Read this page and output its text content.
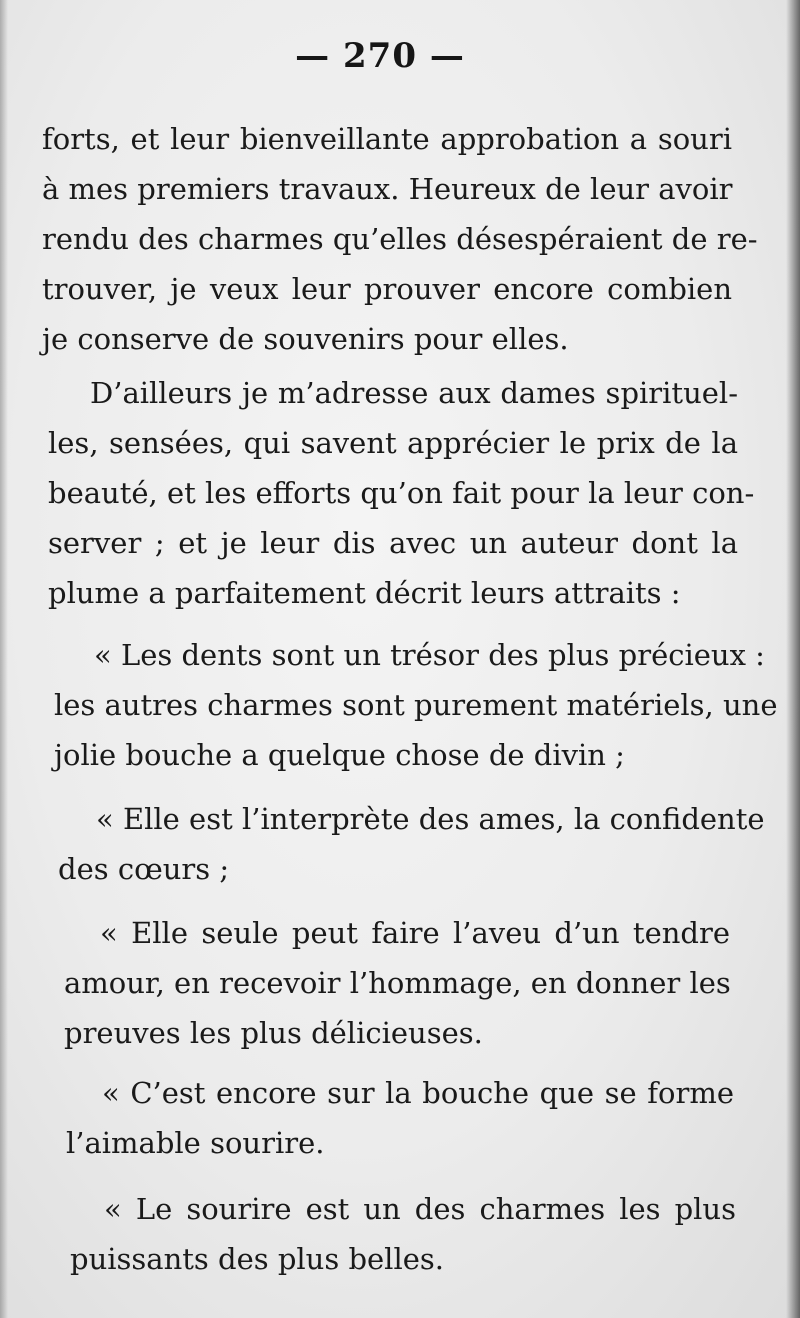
— 270 —
forts, et leur bienveillante approbation a souri
à mes premiers travaux. Heureux de leur avoir
rendu des charmes qu’elles désespéraient de re-
trouver, je veux leur prouver encore combien
je conserve de souvenirs pour elles.
D’ailleurs je m’adresse aux dames spirituel-
les, sensées, qui savent apprécier le prix de la
beauté, et les efforts qu’on fait pour la leur con-
server ; et je leur dis avec un auteur dont la
plume a parfaitement décrit leurs attraits :
« Les dents sont un trésor des plus précieux :
les autres charmes sont purement matériels, une
jolie bouche a quelque chose de divin ;
« Elle est l’interprète des ames, la confidente
des cœurs ;
« Elle seule peut faire l’aveu d’un tendre
amour, en recevoir l’hommage, en donner les
preuves les plus délicieuses.
« C’est encore sur la bouche que se forme
l’aimable sourire.
« Le sourire est un des charmes les plus
puissants des plus belles.
